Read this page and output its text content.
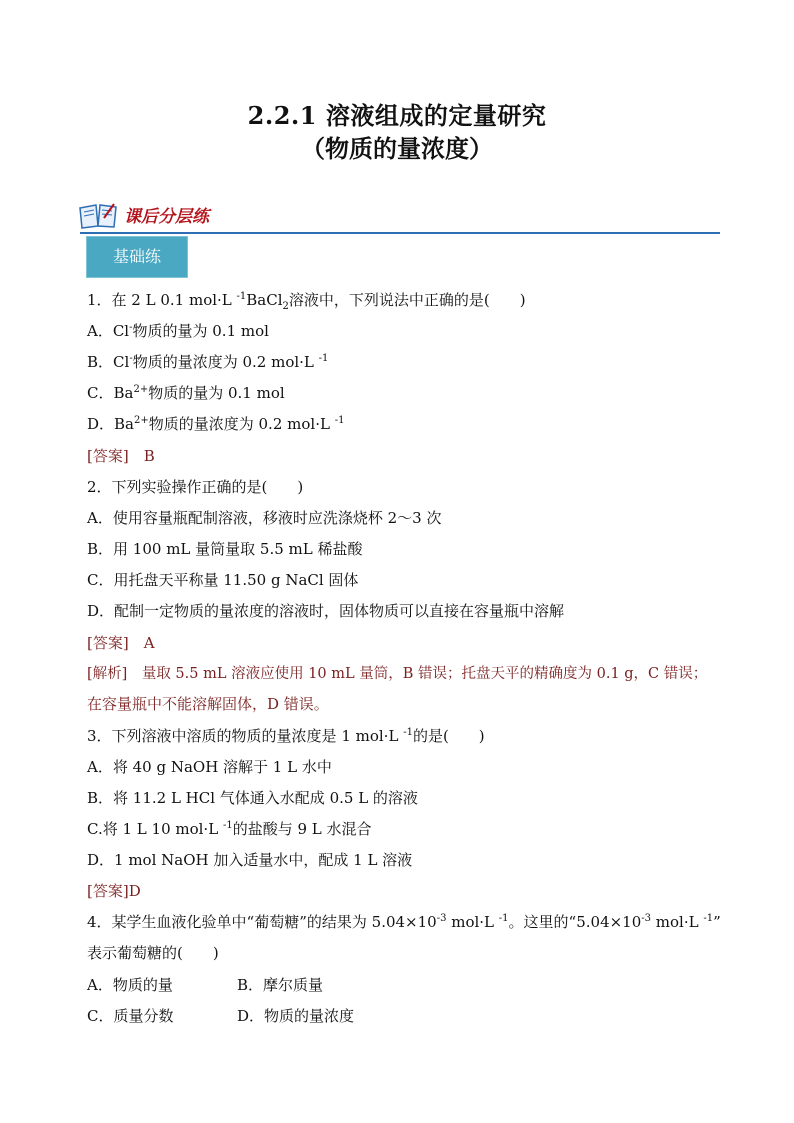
2.2.1 溶液组成的定量研究
（物质的量浓度）
课后分层练
基础练
1．在 2 L 0.1 mol·L $^{-1}$BaCl$_2$溶液中，下列说法中正确的是(　　)
A．Cl-物质的量为 0.1 mol
B．Cl-物质的量浓度为 0.2 mol·L $^{-1}$
C．$Ba^{2+}$物质的量为 0.1 mol
D．$Ba^{2+}$物质的量浓度为 0.2 mol·L $^{-1}$
[答案]　B
2．下列实验操作正确的是(　　)
A．使用容量瓶配制溶液，移液时应洗涤烧杯 2～3 次
B．用 100 mL 量筒量取 5.5 mL 稀盐酸
C．用托盘天平称量 11.50 g NaCl 固体
D．配制一定物质的量浓度的溶液时，固体物质可以直接在容量瓶中溶解
[答案]　A
[解析]　量取 5.5 mL 溶液应使用 10 mL 量筒，B 错误；托盘天平的精确度为 0.1 g，C 错误；
在容量瓶中不能溶解固体，D 错误。
3．下列溶液中溶质的物质的量浓度是 1 mol·L $^{-1}$的是(　　)
A．将 40 g NaOH 溶解于 1 L 水中
B．将 11.2 L HCl 气体通入水配成 0.5 L 的溶液
C.将 1 L 10 mol·L $^{-1}$的盐酸与 9 L 水混合
D．1 mol NaOH 加入适量水中，配成 1 L 溶液
[答案]D
4．某学生血液化验单中“葡萄糖”的结果为 $5.04\times 10^{-3}$ mol·L $^{-1}$。这里的“$5.04\times 10^{-3}$ mol·L $^{-1}$”
表示葡萄糖的(　　)
A．物质的量	B．摩尔质量
C．质量分数	D．物质的量浓度
